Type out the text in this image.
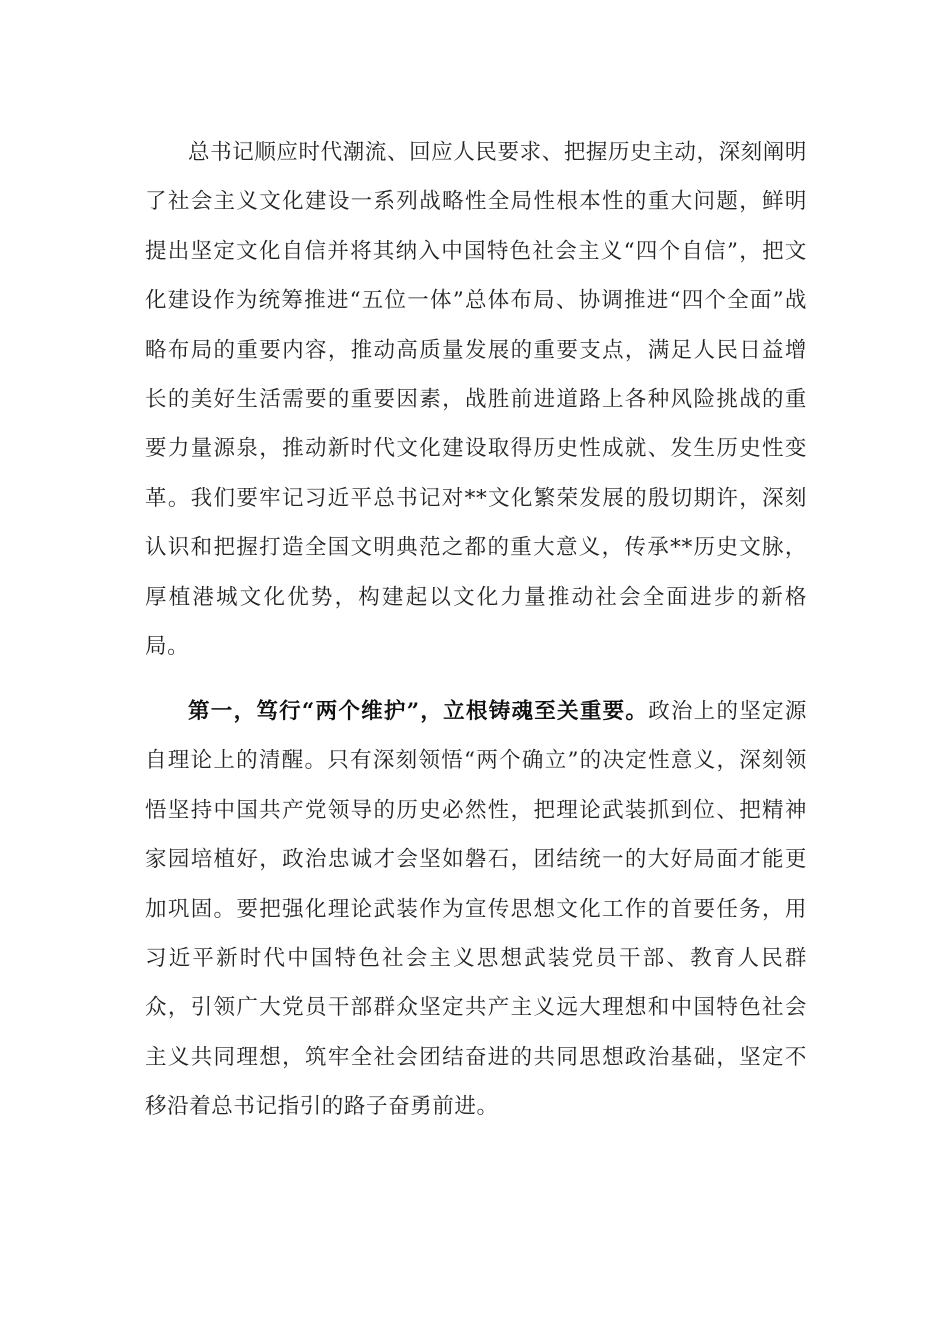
总书记顺应时代潮流、回应人民要求、把握历史主动，深刻阐明了社会主义文化建设一系列战略性全局性根本性的重大问题，鲜明提出坚定文化自信并将其纳入中国特色社会主义“四个自信”，把文化建设作为统筹推进“五位一体”总体布局、协调推进“四个全面”战略布局的重要内容，推动高质量发展的重要支点，满足人民日益增长的美好生活需要的重要因素，战胜前进道路上各种风险挑战的重要力量源泉，推动新时代文化建设取得历史性成就、发生历史性变革。我们要牢记习近平总书记对**文化繁荣发展的殷切期许，深刻认识和把握打造全国文明典范之都的重大意义，传承**历史文脉，厚植港城文化优势，构建起以文化力量推动社会全面进步的新格局。

第一，笃行“两个维护”，立根铸魂至关重要。政治上的坚定源自理论上的清醒。只有深刻领悟“两个确立”的决定性意义，深刻领悟坚持中国共产党领导的历史必然性，把理论武装抓到位、把精神家园培植好，政治忠诚才会坚如磐石，团结统一的大好局面才能更加巩固。要把强化理论武装作为宣传思想文化工作的首要任务，用习近平新时代中国特色社会主义思想武装党员干部、教育人民群众，引领广大党员干部群众坚定共产主义远大理想和中国特色社会主义共同理想，筑牢全社会团结奋进的共同思想政治基础，坚定不移沿着总书记指引的路子奋勇前进。
